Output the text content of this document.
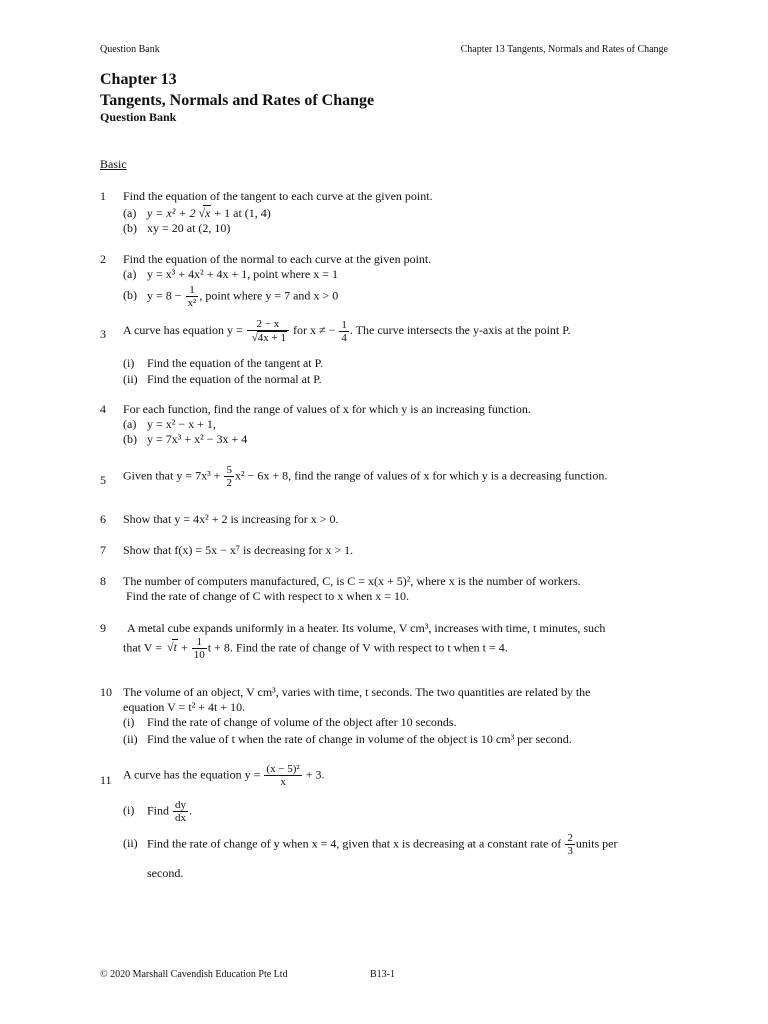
Question Bank	Chapter 13 Tangents, Normals and Rates of Change
Chapter 13
Tangents, Normals and Rates of Change
Question Bank
Basic
1	Find the equation of the tangent to each curve at the given point.
(a) y = x² + 2 √ x + 1 at (1, 4)
(b) xy = 20 at (2, 10)
2	Find the equation of the normal to each curve at the given point.
(a) y = x³ + 4x² + 4x + 1, point where x = 1
(b) $y = 8 - \frac{1}{\text{x²}}$ , point where y = 7 and x > 0
3	A curve has equation y = 2 − x
√ 4x + 1 for x ≠ − $\frac{1}{4}$ . The curve intersects the y-axis at the point P.
(i) Find the equation of the tangent at P.
(ii) Find the equation of the normal at P.
4	For each function, find the range of values of x for which y is an increasing function.
(a) y = x² − x + 1,
(b) y = 7x³ + x² − 3x + 4
5	Given that $y = 7x^3 + \frac{5}{2} x^2 - 6x + 8$, find the range of values of x for which y is a decreasing function.
6	Show that y = 4x² + 2 is increasing for x > 0.
7	Show that f(x) = 5x − x⁷ is decreasing for x > 1.
8	The number of computers manufactured, C, is C = x(x + 5)², where x is the number of workers.
Find the rate of change of C with respect to x when x = 10.
9	A metal cube expands uniformly in a heater. Its volume, V cm³, increases with time, t minutes, such
that V = √ $t + \frac{1}{10}$ t + 8. Find the rate of change of V with respect to t when t = 4.
10 The volume of an object, V cm³, varies with time, t seconds. The two quantities are related by the
equation V = t² + 4t + 10.
(i) Find the rate of change of volume of the object after 10 seconds.
(ii) Find the value of t when the rate of change in volume of the object is 10 cm³ per second.
11 A curve has the equation $y = \frac{\text{(x − 5)²}}{x} + 3$.
(i) Find $\frac{dy}{dx}$ .
(ii) Find the rate of change of y when x = 4, given that x is decreasing at a constant rate of $\frac{2}{3}$ units per
second.
© 2020 Marshall Cavendish Education Pte Ltd	B13-1
